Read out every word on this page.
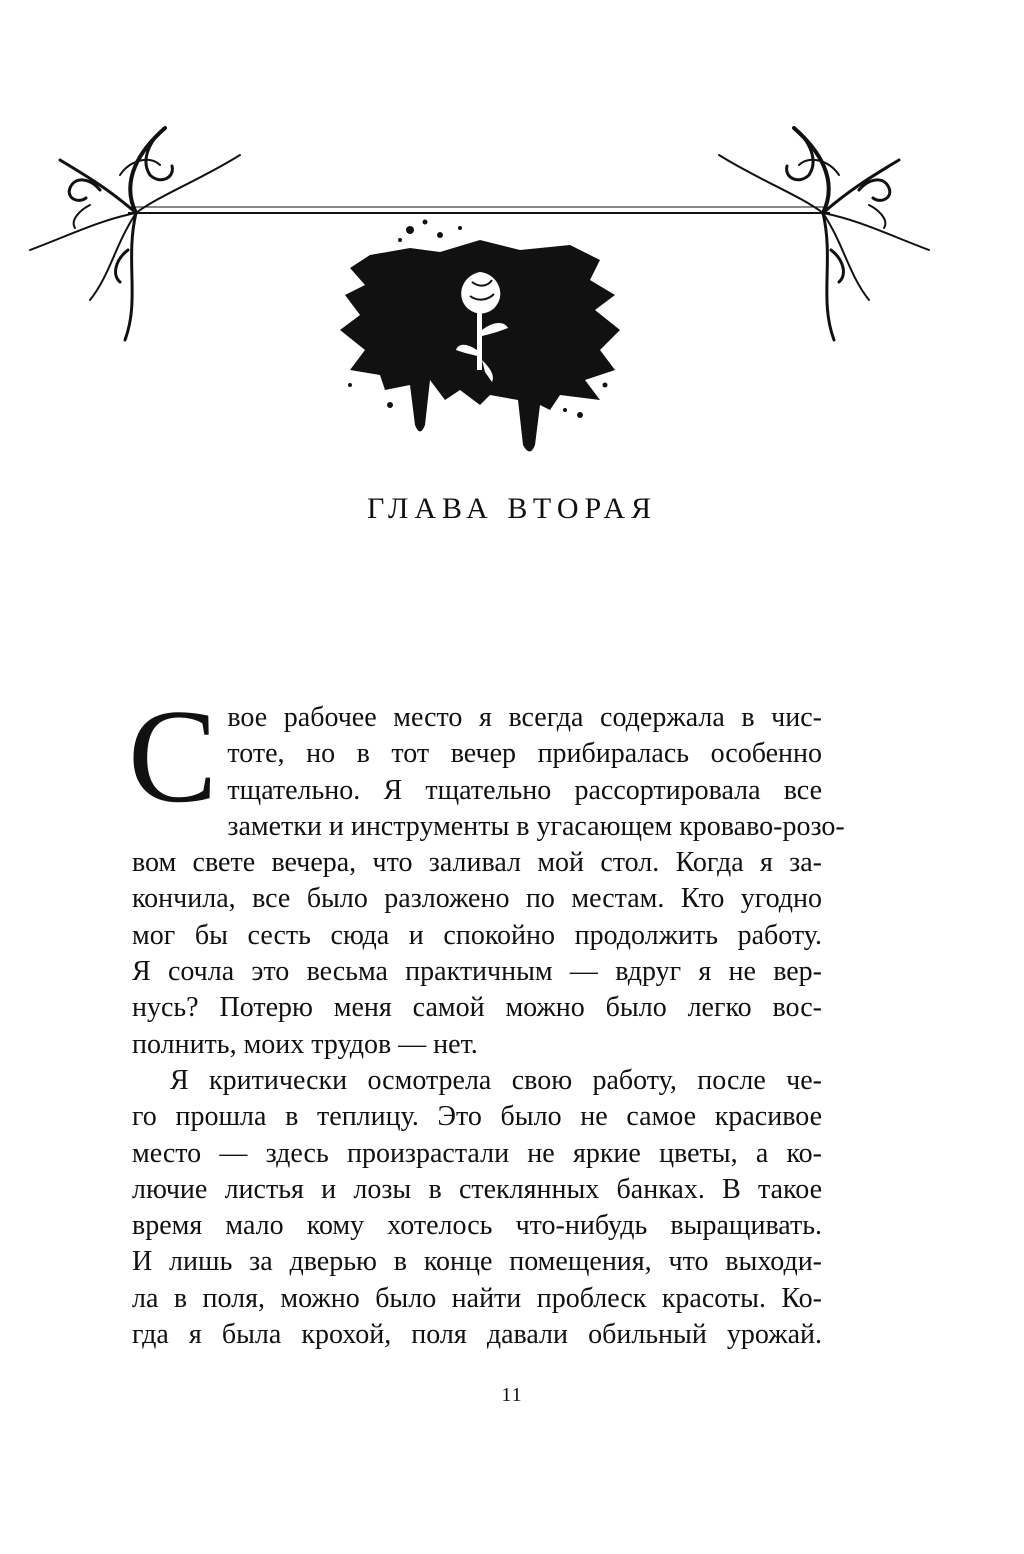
ГЛАВА ВТОРАЯ

С вое рабочее место я всегда содержала в чис-
тоте, но в тот вечер прибиралась особенно
тщательно. Я тщательно рассортировала все
заметки и инструменты в угасающем кроваво-розо-
вом свете вечера, что заливал мой стол. Когда я за-
кончила, все было разложено по местам. Кто угодно
мог бы сесть сюда и спокойно продолжить работу.
Я сочла это весьма практичным — вдруг я не вер-
нусь? Потерю меня самой можно было легко вос-
полнить, моих трудов — нет.

Я критически осмотрела свою работу, после че-
го прошла в теплицу. Это было не самое красивое
место — здесь произрастали не яркие цветы, а ко-
лючие листья и лозы в стеклянных банках. В такое
время мало кому хотелось что-нибудь выращивать.
И лишь за дверью в конце помещения, что выходи-
ла в поля, можно было найти проблеск красоты. Ко-
гда я была крохой, поля давали обильный урожай.

11
